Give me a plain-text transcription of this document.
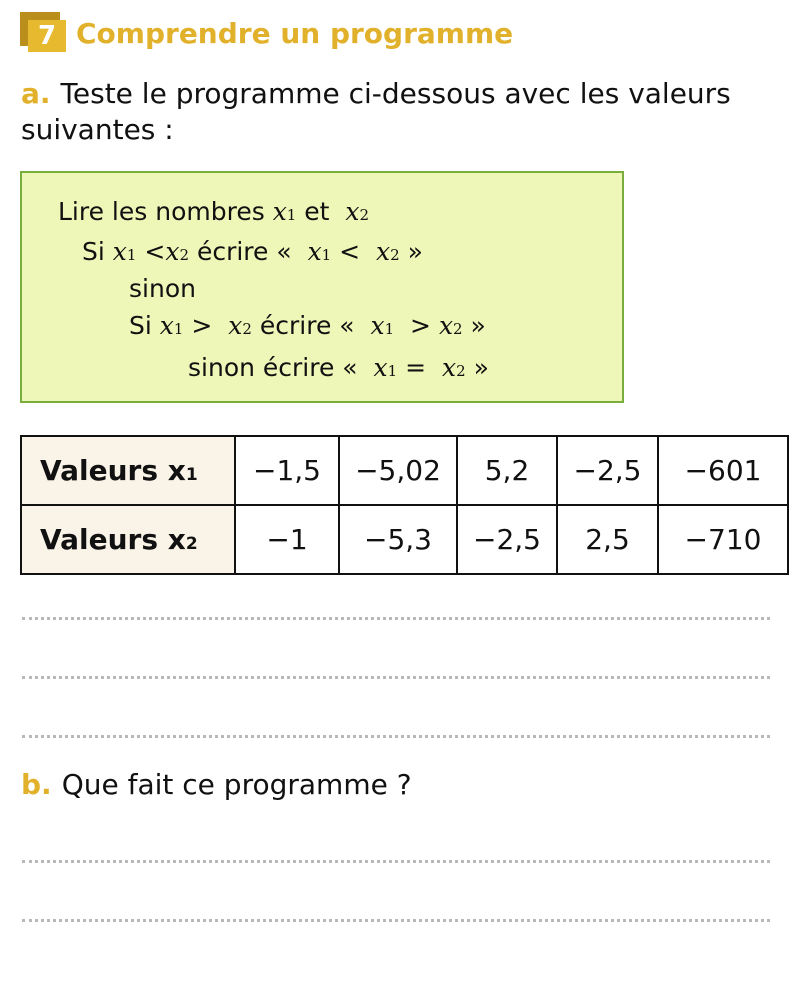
7 Comprendre un programme
a. Teste le programme ci-dessous avec les valeurs suivantes :
Lire les nombres x1 et x2
Si x1 <x2 écrire « x1 < x2 »
sinon
Si x1 > x2 écrire « x1 > x2 »
sinon écrire « x1 = x2 »
Valeurs x1	−1,5	−5,02	5,2	−2,5	−601
Valeurs x2	−1	−5,3	−2,5	2,5	−710
b. Que fait ce programme ?
